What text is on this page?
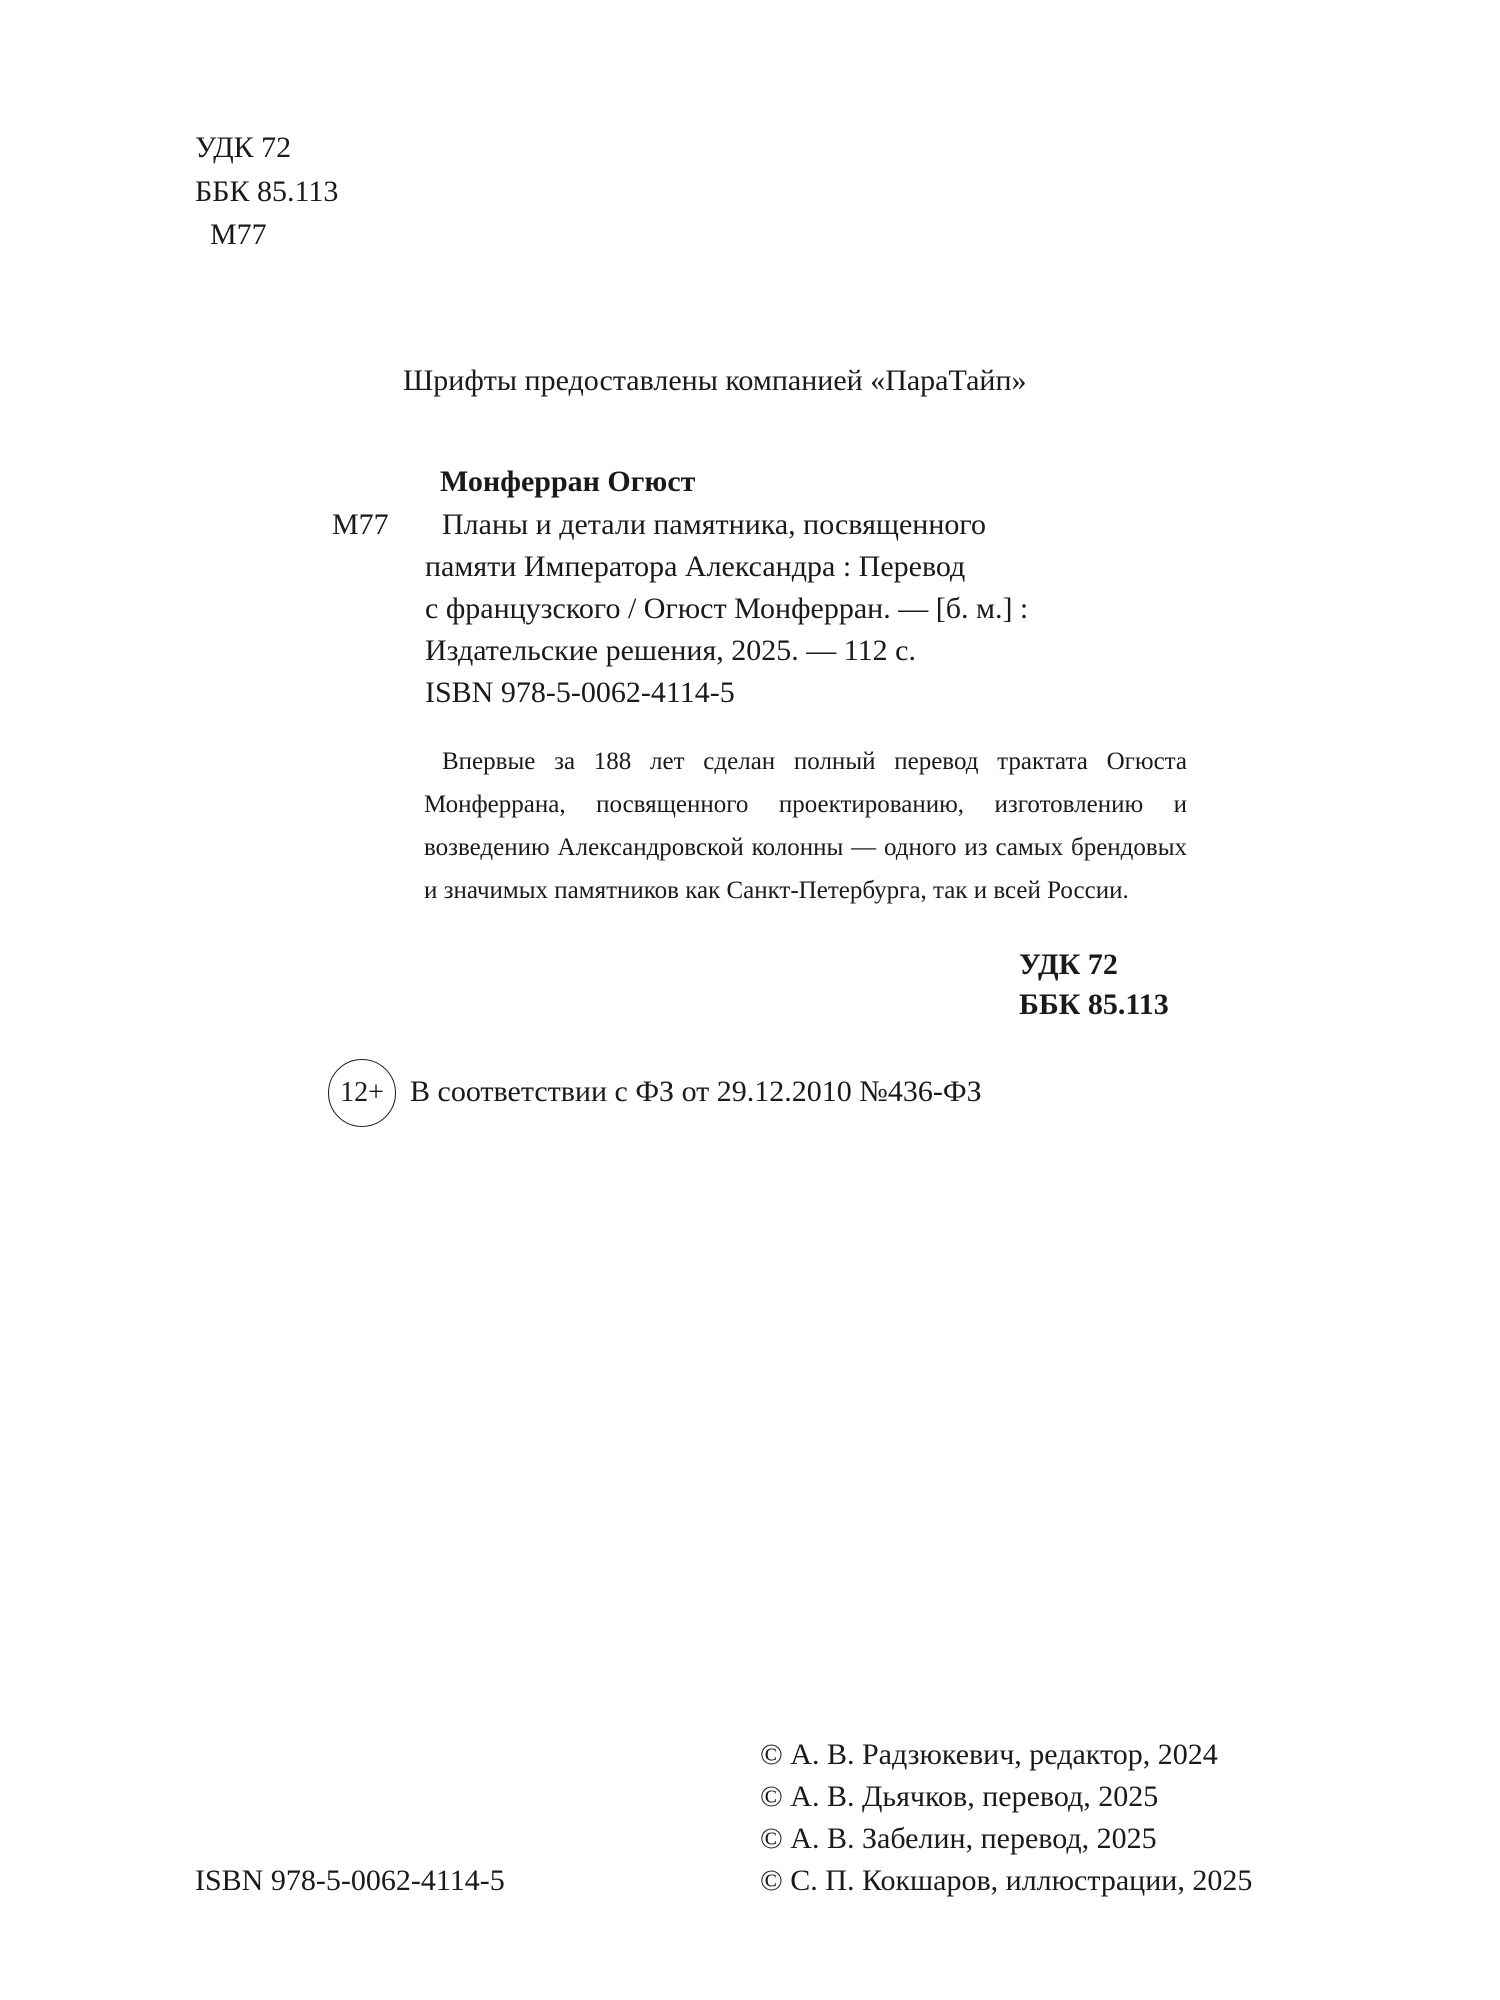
УДК 72
ББК 85.113
М77
Шрифты предоставлены компанией «ПараТайп»
Монферран Огюст
М77 Планы и детали памятника, посвященного
памяти Императора Александра : Перевод
с французского / Огюст Монферран. — [б. м.] :
Издательские решения, 2025. — 112 с.
ISBN 978-5-0062-4114-5
Впервые за 188 лет сделан полный перевод трактата Огюста Монферрана, посвященного проектированию, изготовлению и возведению Александровской колонны — одного из самых брендовых и значимых памятников как Санкт-Петербурга, так и всей России.
УДК 72
ББК 85.113
12+ В соответствии с ФЗ от 29.12.2010 №436-ФЗ
© А. В. Радзюкевич, редактор, 2024
© А. В. Дьячков, перевод, 2025
© А. В. Забелин, перевод, 2025
© С. П. Кокшаров, иллюстрации, 2025
ISBN 978-5-0062-4114-5
